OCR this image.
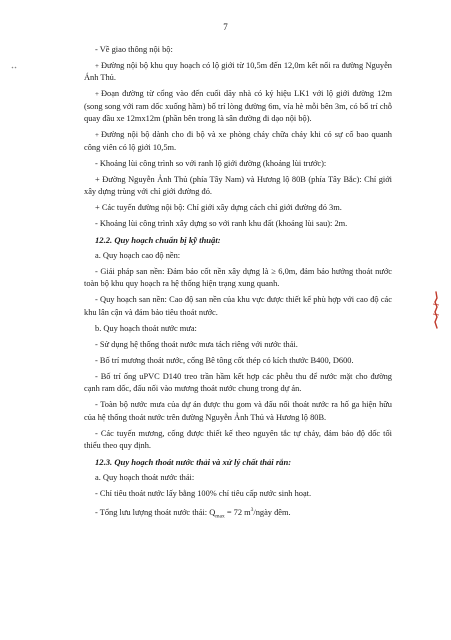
7

- Về giao thông nội bộ:

+ Đường nội bộ khu quy hoạch có lộ giới từ 10,5m đến 12,0m kết nối ra đường Nguyễn Ánh Thủ.

+ Đoạn đường từ cổng vào đến cuối dãy nhà có ký hiệu LK1 với lộ giới đường 12m (song song với ram dốc xuống hầm) bố trí lòng đường 6m, vỉa hè mỗi bên 3m, có bố trí chỗ quay đầu xe 12mx12m (phần bên trong là sân đường đi dạo nội bộ).

+ Đường nội bộ dành cho đi bộ và xe phòng cháy chữa cháy khi có sự cố bao quanh công viên có lộ giới 10,5m.

- Khoảng lùi công trình so với ranh lộ giới đường (khoảng lùi trước):

+ Đường Nguyễn Ảnh Thủ (phía Tây Nam) và Hương lộ 80B (phía Tây Bắc): Chỉ giới xây dựng trùng với chỉ giới đường đỏ.

+ Các tuyến đường nội bộ: Chỉ giới xây dựng cách chỉ giới đường đỏ 3m.

- Khoảng lùi công trình xây dựng so với ranh khu đất (khoảng lùi sau): 2m.

12.2. Quy hoạch chuẩn bị kỹ thuật:

a. Quy hoạch cao độ nền:

- Giải pháp san nền: Đảm bảo cốt nền xây dựng là ≥ 6,0m, đảm bảo hướng thoát nước toàn bộ khu quy hoạch ra hệ thống hiện trạng xung quanh.

- Quy hoạch san nền: Cao độ san nền của khu vực được thiết kế phù hợp với cao độ các khu lân cận và đảm bảo tiêu thoát nước.

b. Quy hoạch thoát nước mưa:

- Sử dụng hệ thống thoát nước mưa tách riêng với nước thải.

- Bố trí mương thoát nước, cống Bê tông cốt thép có kích thước B400, D600.

- Bố trí ống uPVC D140 treo trần hầm kết hợp các phễu thu để nước mặt cho đường cạnh ram dốc, đấu nối vào mương thoát nước chung trong dự án.

- Toàn bộ nước mưa của dự án được thu gom và đấu nối thoát nước ra hố ga hiện hữu của hệ thống thoát nước trên đường Nguyễn Ảnh Thủ và Hương lộ 80B.

- Các tuyến mương, cống được thiết kế theo nguyên tắc tự chảy, đảm bảo độ dốc tối thiểu theo quy định.

12.3. Quy hoạch thoát nước thải và xử lý chất thải rắn:

a. Quy hoạch thoát nước thải:

- Chỉ tiêu thoát nước lấy bằng 100% chỉ tiêu cấp nước sinh hoạt.

- Tổng lưu lượng thoát nước thải: $Q_{max} = 72$ $m^3$/ngày đêm.
